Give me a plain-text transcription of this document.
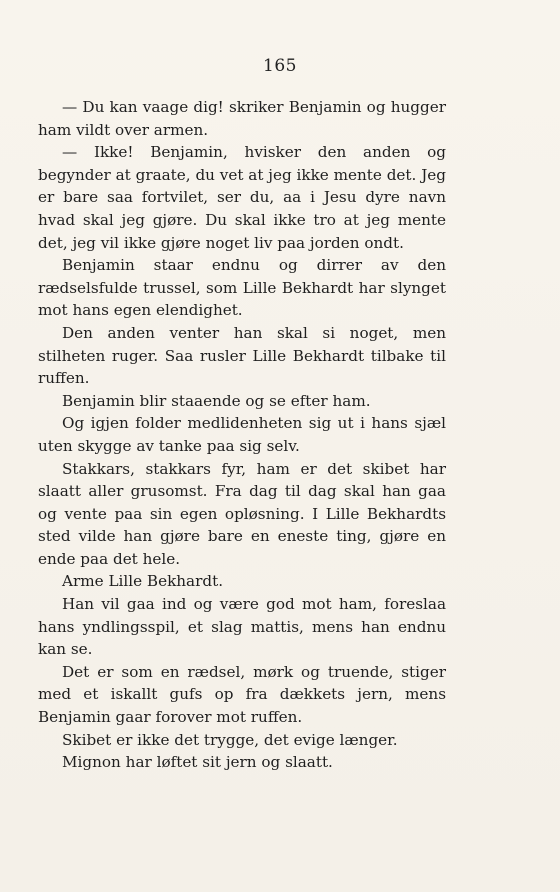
165

— Du kan vaage dig! skriker Benjamin og hugger ham vildt over armen.

— Ikke! Benjamin, hvisker den anden og begynder at graate, du vet at jeg ikke mente det. Jeg er bare saa fortvilet, ser du, aa i Jesu dyre navn hvad skal jeg gjøre. Du skal ikke tro at jeg mente det, jeg vil ikke gjøre noget liv paa jorden ondt.

Benjamin staar endnu og dirrer av den rædselsfulde trussel, som Lille Bekhardt har slynget mot hans egen elendighet.

Den anden venter han skal si noget, men stilheten ruger. Saa rusler Lille Bekhardt tilbake til ruffen.

Benjamin blir staaende og se efter ham.

Og igjen folder medlidenheten sig ut i hans sjæl uten skygge av tanke paa sig selv.

Stakkars, stakkars fyr, ham er det skibet har slaatt aller grusomst. Fra dag til dag skal han gaa og vente paa sin egen opløsning. I Lille Bekhardts sted vilde han gjøre bare en eneste ting, gjøre en ende paa det hele.

Arme Lille Bekhardt.

Han vil gaa ind og være god mot ham, foreslaa hans yndlingsspil, et slag mattis, mens han endnu kan se.

Det er som en rædsel, mørk og truende, stiger med et iskallt gufs op fra dækkets jern, mens Benjamin gaar forover mot ruffen.

Skibet er ikke det trygge, det evige længer.

Mignon har løftet sit jern og slaatt.
